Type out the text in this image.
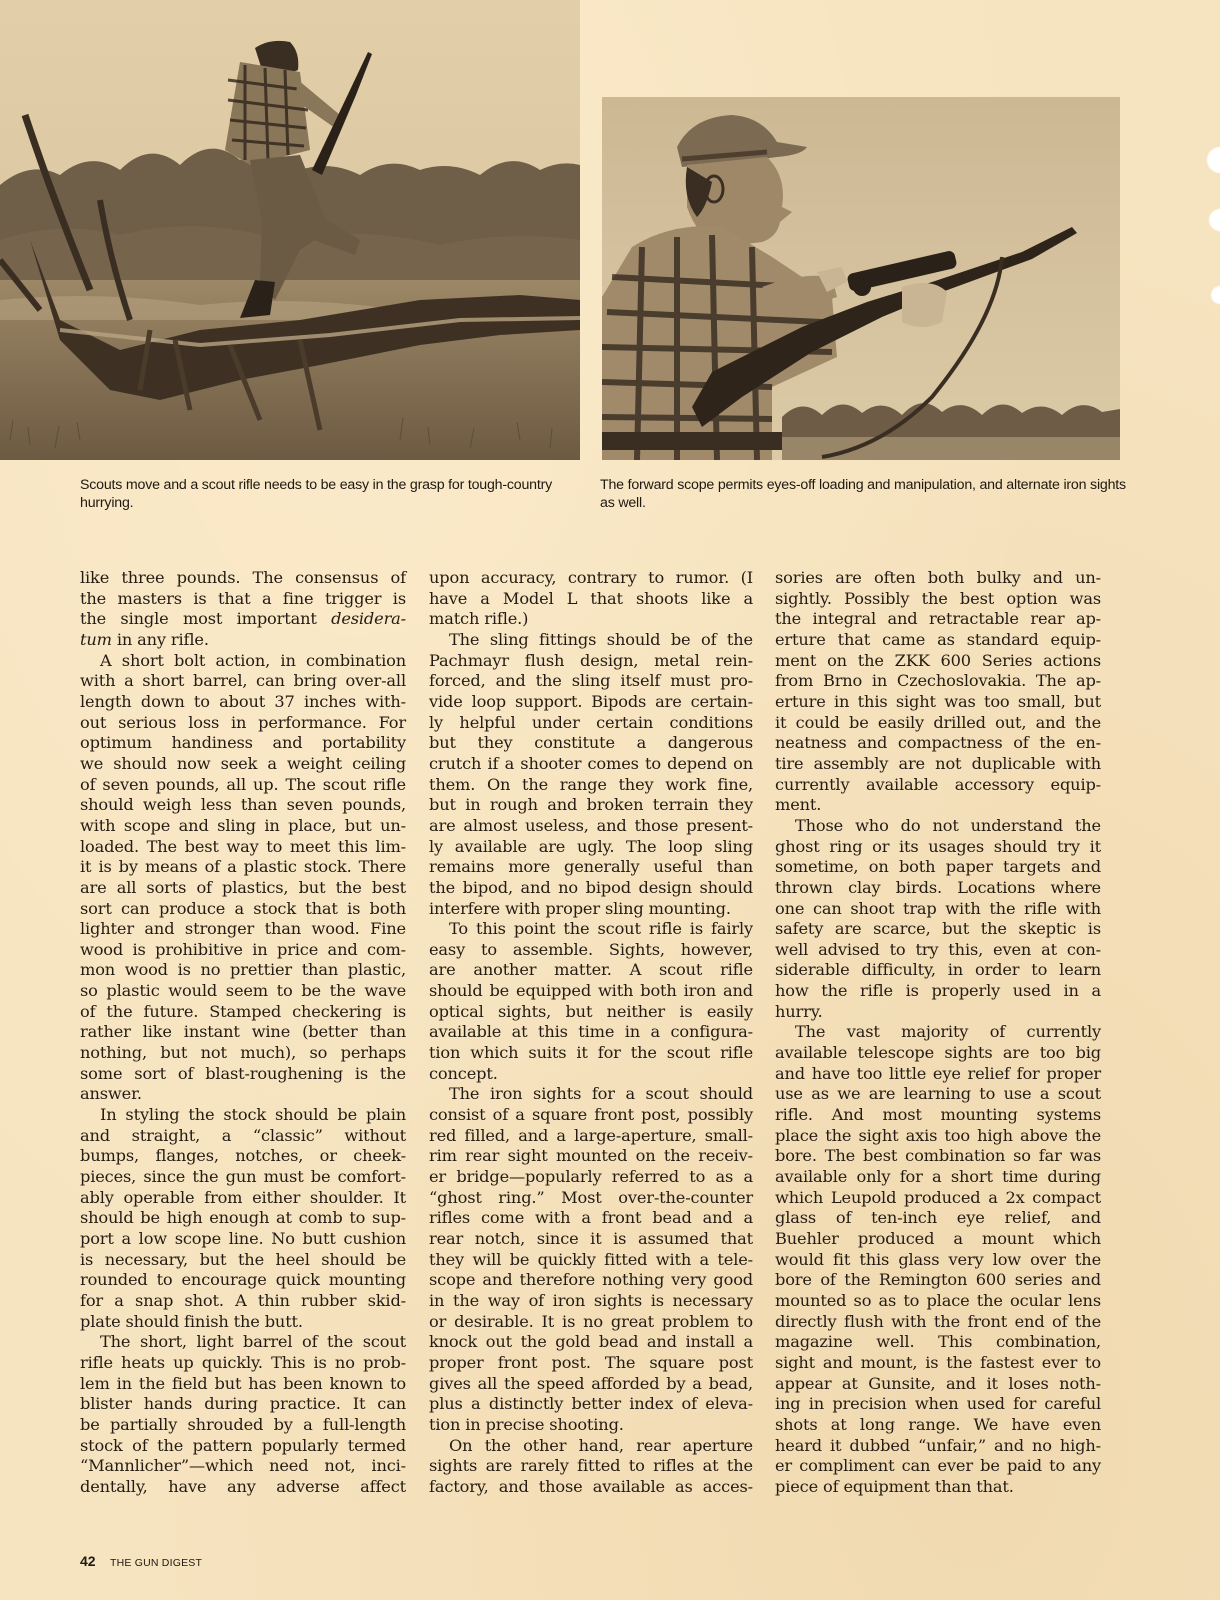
Scouts move and a scout rifle needs to be easy in the grasp for tough-country hurrying.
The forward scope permits eyes-off loading and manipulation, and alternate iron sights as well.
like three pounds. The consensus of
the masters is that a fine trigger is
the single most important desidera-
tum in any rifle.
A short bolt action, in combination
with a short barrel, can bring over-all
length down to about 37 inches with-
out serious loss in performance. For
optimum handiness and portability
we should now seek a weight ceiling
of seven pounds, all up. The scout rifle
should weigh less than seven pounds,
with scope and sling in place, but un-
loaded. The best way to meet this lim-
it is by means of a plastic stock. There
are all sorts of plastics, but the best
sort can produce a stock that is both
lighter and stronger than wood. Fine
wood is prohibitive in price and com-
mon wood is no prettier than plastic,
so plastic would seem to be the wave
of the future. Stamped checkering is
rather like instant wine (better than
nothing, but not much), so perhaps
some sort of blast-roughening is the
answer.
In styling the stock should be plain
and straight, a “classic” without
bumps, flanges, notches, or cheek-
pieces, since the gun must be comfort-
ably operable from either shoulder. It
should be high enough at comb to sup-
port a low scope line. No butt cushion
is necessary, but the heel should be
rounded to encourage quick mounting
for a snap shot. A thin rubber skid-
plate should finish the butt.
The short, light barrel of the scout
rifle heats up quickly. This is no prob-
lem in the field but has been known to
blister hands during practice. It can
be partially shrouded by a full-length
stock of the pattern popularly termed
“Mannlicher”—which need not, inci-
dentally, have any adverse affect
upon accuracy, contrary to rumor. (I
have a Model L that shoots like a
match rifle.)
The sling fittings should be of the
Pachmayr flush design, metal rein-
forced, and the sling itself must pro-
vide loop support. Bipods are certain-
ly helpful under certain conditions
but they constitute a dangerous
crutch if a shooter comes to depend on
them. On the range they work fine,
but in rough and broken terrain they
are almost useless, and those present-
ly available are ugly. The loop sling
remains more generally useful than
the bipod, and no bipod design should
interfere with proper sling mounting.
To this point the scout rifle is fairly
easy to assemble. Sights, however,
are another matter. A scout rifle
should be equipped with both iron and
optical sights, but neither is easily
available at this time in a configura-
tion which suits it for the scout rifle
concept.
The iron sights for a scout should
consist of a square front post, possibly
red filled, and a large-aperture, small-
rim rear sight mounted on the receiv-
er bridge—popularly referred to as a
“ghost ring.” Most over-the-counter
rifles come with a front bead and a
rear notch, since it is assumed that
they will be quickly fitted with a tele-
scope and therefore nothing very good
in the way of iron sights is necessary
or desirable. It is no great problem to
knock out the gold bead and install a
proper front post. The square post
gives all the speed afforded by a bead,
plus a distinctly better index of eleva-
tion in precise shooting.
On the other hand, rear aperture
sights are rarely fitted to rifles at the
factory, and those available as acces-
sories are often both bulky and un-
sightly. Possibly the best option was
the integral and retractable rear ap-
erture that came as standard equip-
ment on the ZKK 600 Series actions
from Brno in Czechoslovakia. The ap-
erture in this sight was too small, but
it could be easily drilled out, and the
neatness and compactness of the en-
tire assembly are not duplicable with
currently available accessory equip-
ment.
Those who do not understand the
ghost ring or its usages should try it
sometime, on both paper targets and
thrown clay birds. Locations where
one can shoot trap with the rifle with
safety are scarce, but the skeptic is
well advised to try this, even at con-
siderable difficulty, in order to learn
how the rifle is properly used in a
hurry.
The vast majority of currently
available telescope sights are too big
and have too little eye relief for proper
use as we are learning to use a scout
rifle. And most mounting systems
place the sight axis too high above the
bore. The best combination so far was
available only for a short time during
which Leupold produced a 2x compact
glass of ten-inch eye relief, and
Buehler produced a mount which
would fit this glass very low over the
bore of the Remington 600 series and
mounted so as to place the ocular lens
directly flush with the front end of the
magazine well. This combination,
sight and mount, is the fastest ever to
appear at Gunsite, and it loses noth-
ing in precision when used for careful
shots at long range. We have even
heard it dubbed “unfair,” and no high-
er compliment can ever be paid to any
piece of equipment than that.
42 THE GUN DIGEST
